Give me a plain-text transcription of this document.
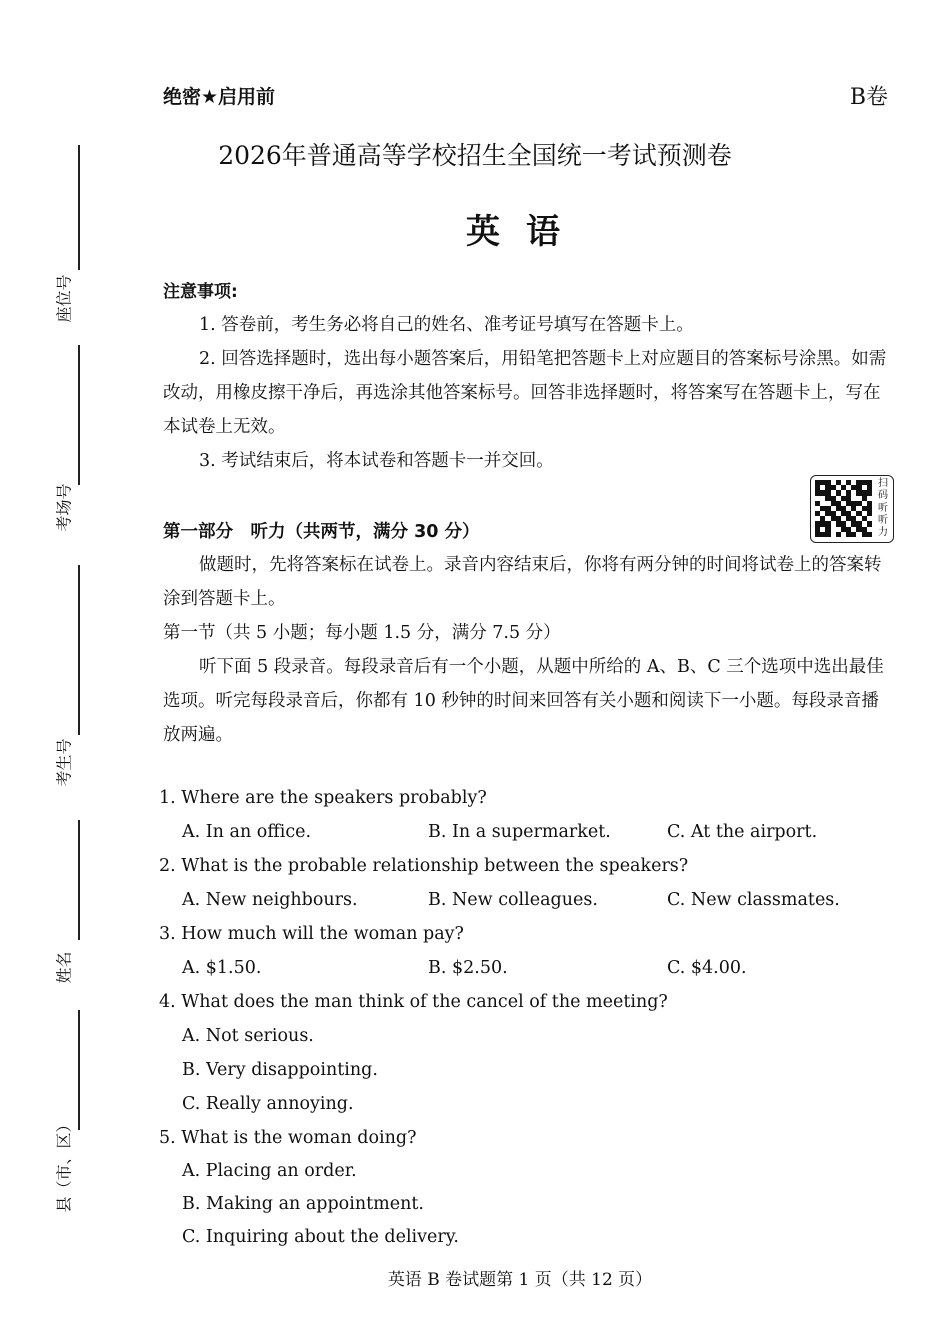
座位号
考场号
考生号
姓名
县（市、区）
绝密★启用前	B卷
2026年普通高等学校招生全国统一考试预测卷
英语
注意事项:
1. 答卷前，考生务必将自己的姓名、准考证号填写在答题卡上。
2. 回答选择题时，选出每小题答案后，用铅笔把答题卡上对应题目的答案标号涂黑。如需改动，用橡皮擦干净后，再选涂其他答案标号。回答非选择题时，将答案写在答题卡上，写在本试卷上无效。
3. 考试结束后，将本试卷和答题卡一并交回。
扫码听听力
第一部分　听力（共两节，满分 30 分）
做题时，先将答案标在试卷上。录音内容结束后，你将有两分钟的时间将试卷上的答案转涂到答题卡上。
第一节（共 5 小题；每小题 1.5 分，满分 7.5 分）
听下面 5 段录音。每段录音后有一个小题，从题中所给的 A、B、C 三个选项中选出最佳选项。听完每段录音后，你都有 10 秒钟的时间来回答有关小题和阅读下一小题。每段录音播放两遍。
1. Where are the speakers probably?
A. In an office.	B. In a supermarket.	C. At the airport.
2. What is the probable relationship between the speakers?
A. New neighbours.	B. New colleagues.	C. New classmates.
3. How much will the woman pay?
A. $1.50.	B. $2.50.	C. $4.00.
4. What does the man think of the cancel of the meeting?
A. Not serious.
B. Very disappointing.
C. Really annoying.
5. What is the woman doing?
A. Placing an order.
B. Making an appointment.
C. Inquiring about the delivery.
英语 B 卷试题第 1 页（共 12 页）
